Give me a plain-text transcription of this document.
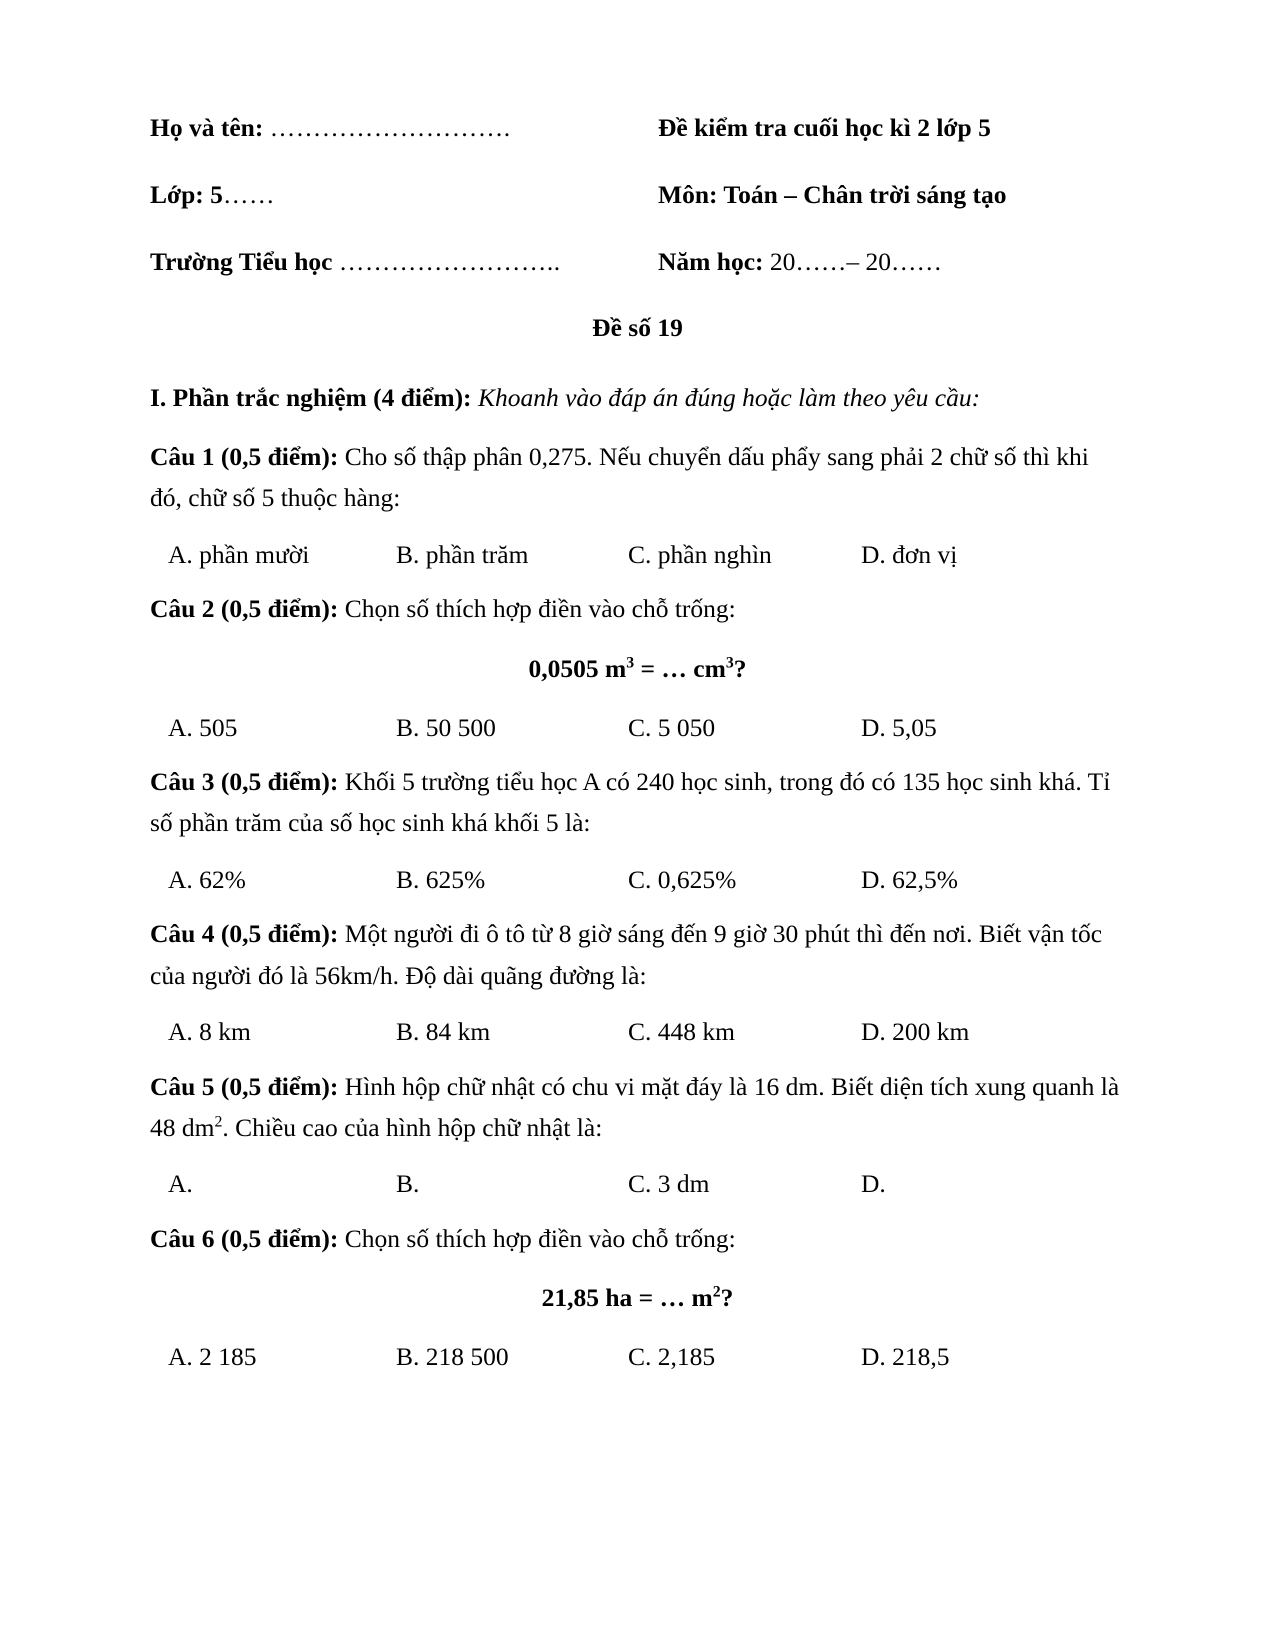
Họ và tên: ……………………….	Đề kiểm tra cuối học kì 2 lớp 5
Lớp: 5……	Môn: Toán – Chân trời sáng tạo
Trường Tiểu học ……………………..	Năm học: 20……– 20……
Đề số 19

I. Phần trắc nghiệm (4 điểm): Khoanh vào đáp án đúng hoặc làm theo yêu cầu:

Câu 1 (0,5 điểm): Cho số thập phân 0,275. Nếu chuyển dấu phẩy sang phải 2 chữ số thì khi đó, chữ số 5 thuộc hàng:

A. phần mười	B. phần trăm	C. phần nghìn	D. đơn vị

Câu 2 (0,5 điểm): Chọn số thích hợp điền vào chỗ trống:

0,0505 $m^3$ = … $cm^3$?
A. 505	B. 50 500	C. 5 050	D. 5,05

Câu 3 (0,5 điểm): Khối 5 trường tiểu học A có 240 học sinh, trong đó có 135 học sinh khá. Tỉ số phần trăm của số học sinh khá khối 5 là:

A. 62%	B. 625%	C. 0,625%	D. 62,5%

Câu 4 (0,5 điểm): Một người đi ô tô từ 8 giờ sáng đến 9 giờ 30 phút thì đến nơi. Biết vận tốc của người đó là 56km/h. Độ dài quãng đường là:

A. 8 km	B. 84 km	C. 448 km	D. 200 km

Câu 5 (0,5 điểm): Hình hộp chữ nhật có chu vi mặt đáy là 16 dm. Biết diện tích xung quanh là 48 $dm^2$. Chiều cao của hình hộp chữ nhật là:

A.	B.	C. 3 dm	D.

Câu 6 (0,5 điểm): Chọn số thích hợp điền vào chỗ trống:

21,85 ha = … $m^2$?
A. 2 185	B. 218 500	C. 2,185	D. 218,5
